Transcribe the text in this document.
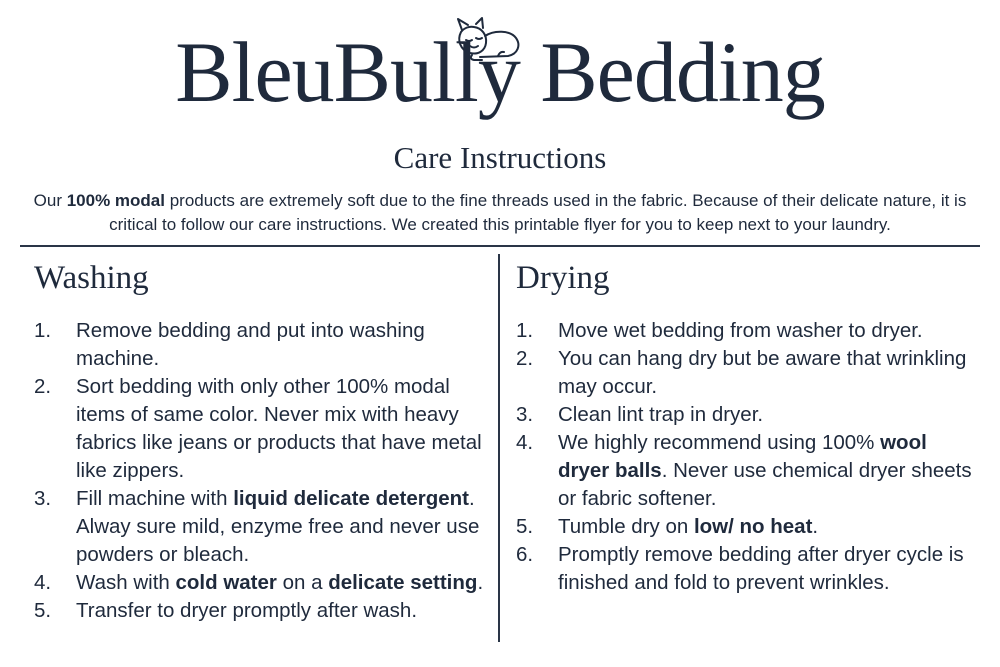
BleuBully Bedding
Care Instructions
Our 100% modal products are extremely soft due to the fine threads used in the fabric. Because of their delicate nature, it is critical to follow our care instructions. We created this printable flyer for you to keep next to your laundry.
Washing
1. Remove bedding and put into washing machine.
2. Sort bedding with only other 100% modal items of same color. Never mix with heavy fabrics like jeans or products that have metal like zippers.
3. Fill machine with liquid delicate detergent. Alway sure mild, enzyme free and never use powders or bleach.
4. Wash with cold water on a delicate setting.
5. Transfer to dryer promptly after wash.
Drying
1. Move wet bedding from washer to dryer.
2. You can hang dry but be aware that wrinkling may occur.
3. Clean lint trap in dryer.
4. We highly recommend using 100% wool dryer balls. Never use chemical dryer sheets or fabric softener.
5. Tumble dry on low/ no heat.
6. Promptly remove bedding after dryer cycle is finished and fold to prevent wrinkles.
